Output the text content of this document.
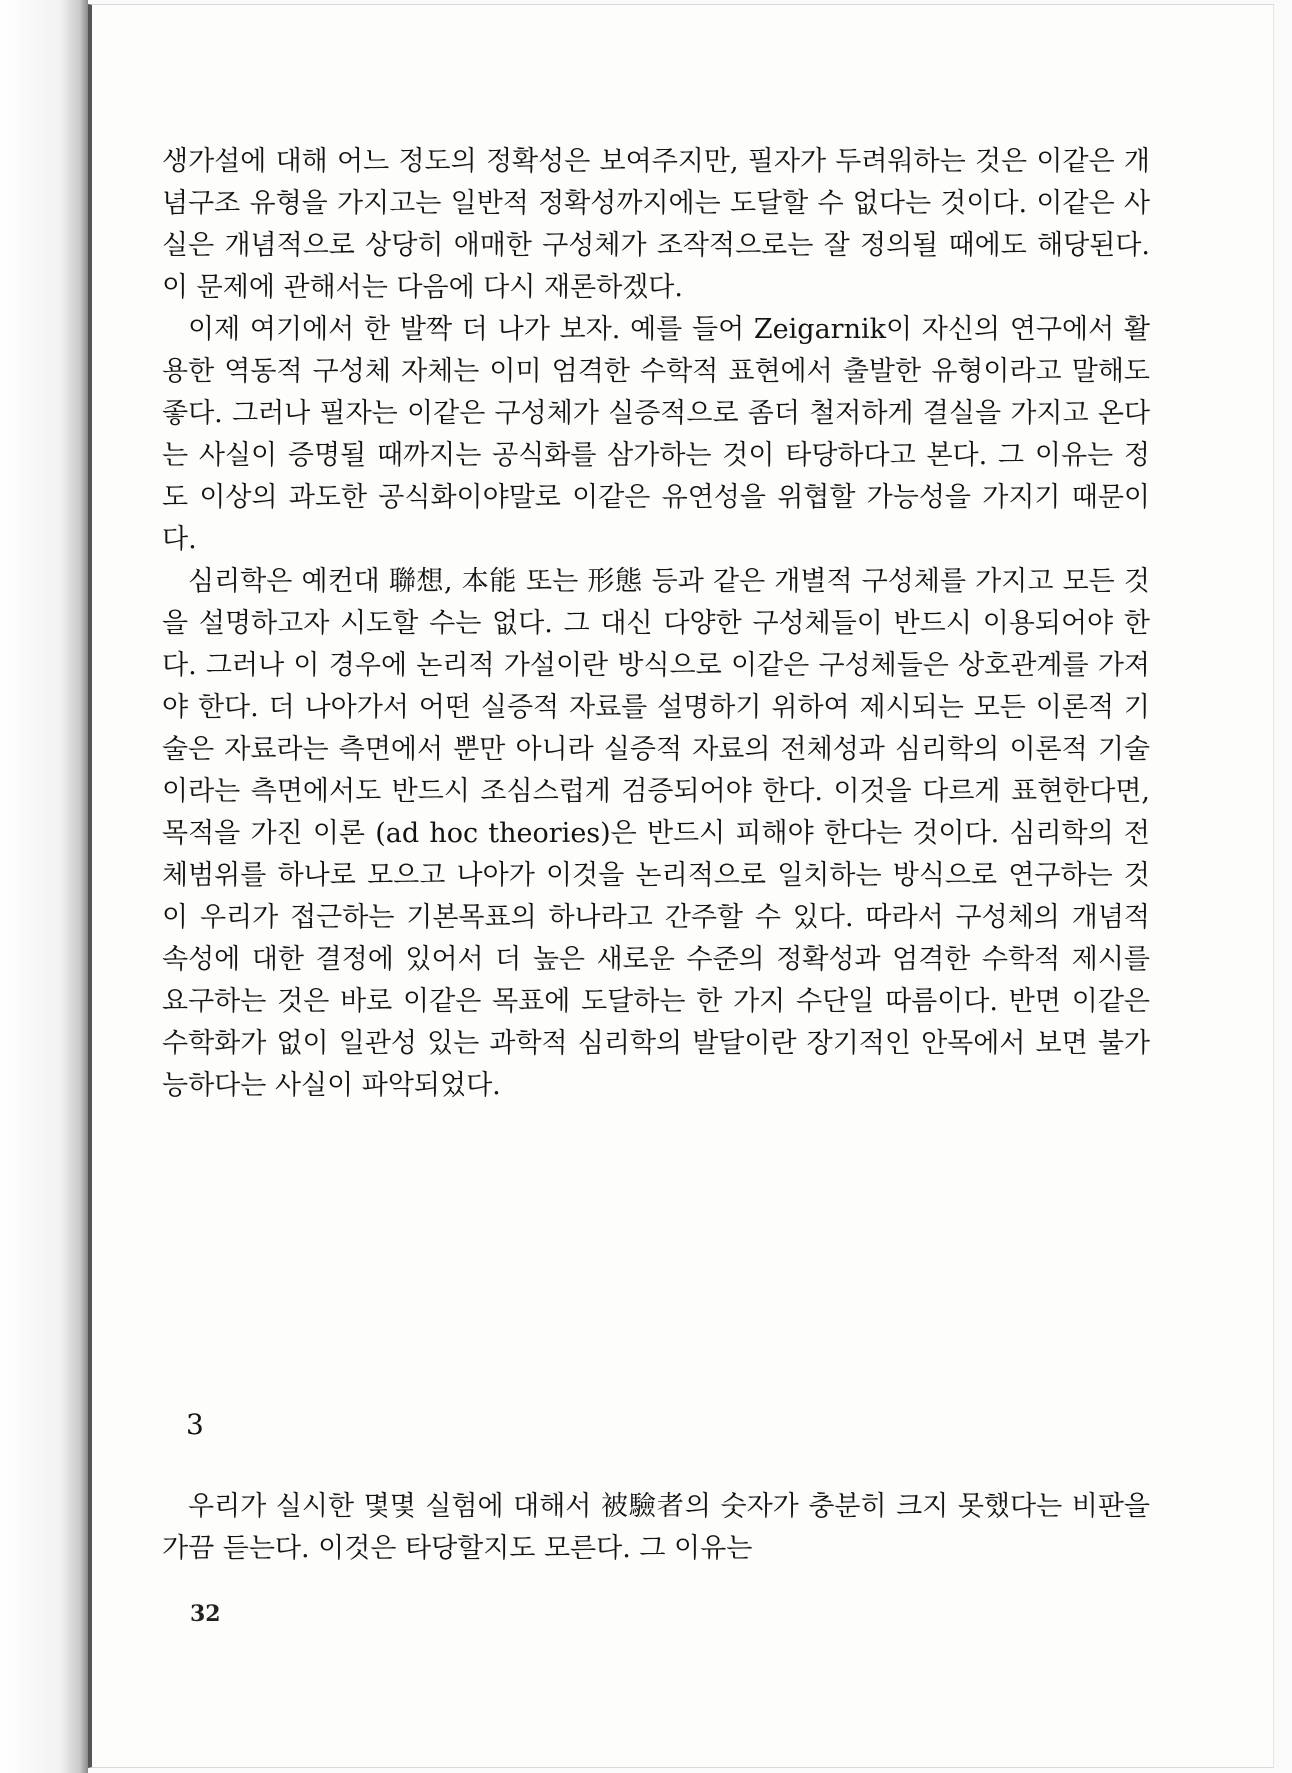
생가설에 대해 어느 정도의 정확성은 보여주지만, 필자가 두려워하는 것은 이같은 개념구조 유형을 가지고는 일반적 정확성까지에는 도달할 수 없다는 것이다. 이같은 사실은 개념적으로 상당히 애매한 구성체가 조작적으로는 잘 정의될 때에도 해당된다. 이 문제에 관해서는 다음에 다시 재론하겠다.

이제 여기에서 한 발짝 더 나가 보자. 예를 들어 Zeigarnik이 자신의 연구에서 활용한 역동적 구성체 자체는 이미 엄격한 수학적 표현에서 출발한 유형이라고 말해도 좋다. 그러나 필자는 이같은 구성체가 실증적으로 좀더 철저하게 결실을 가지고 온다는 사실이 증명될 때까지는 공식화를 삼가하는 것이 타당하다고 본다. 그 이유는 정도 이상의 과도한 공식화이야말로 이같은 유연성을 위협할 가능성을 가지기 때문이다.

심리학은 예컨대 聯想, 本能 또는 形態 등과 같은 개별적 구성체를 가지고 모든 것을 설명하고자 시도할 수는 없다. 그 대신 다양한 구성체들이 반드시 이용되어야 한다. 그러나 이 경우에 논리적 가설이란 방식으로 이같은 구성체들은 상호관계를 가져야 한다. 더 나아가서 어떤 실증적 자료를 설명하기 위하여 제시되는 모든 이론적 기술은 자료라는 측면에서 뿐만 아니라 실증적 자료의 전체성과 심리학의 이론적 기술이라는 측면에서도 반드시 조심스럽게 검증되어야 한다. 이것을 다르게 표현한다면, 목적을 가진 이론 (ad hoc theories)은 반드시 피해야 한다는 것이다. 심리학의 전체범위를 하나로 모으고 나아가 이것을 논리적으로 일치하는 방식으로 연구하는 것이 우리가 접근하는 기본목표의 하나라고 간주할 수 있다. 따라서 구성체의 개념적 속성에 대한 결정에 있어서 더 높은 새로운 수준의 정확성과 엄격한 수학적 제시를 요구하는 것은 바로 이같은 목표에 도달하는 한 가지 수단일 따름이다. 반면 이같은 수학화가 없이 일관성 있는 과학적 심리학의 발달이란 장기적인 안목에서 보면 불가능하다는 사실이 파악되었다.

3

우리가 실시한 몇몇 실험에 대해서 被驗者의 숫자가 충분히 크지 못했다는 비판을 가끔 듣는다. 이것은 타당할지도 모른다. 그 이유는

32
